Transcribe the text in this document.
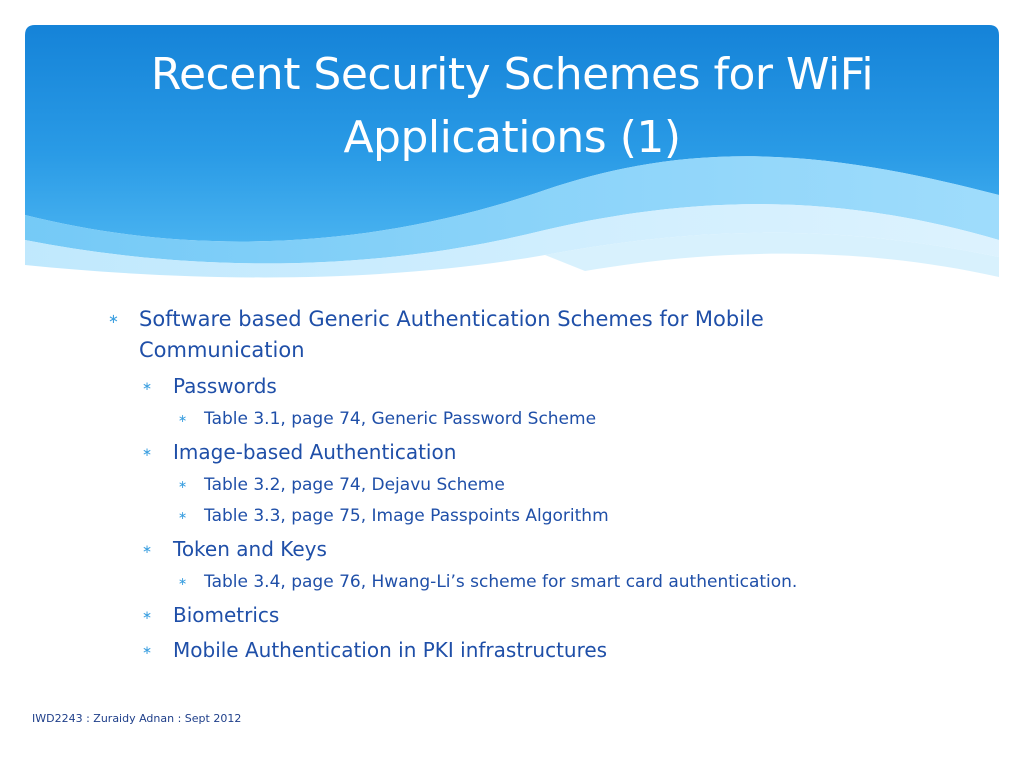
Recent Security Schemes for WiFi Applications (1)
∗ Software based Generic Authentication Schemes for Mobile Communication
∗ Passwords
∗ Table 3.1, page 74, Generic Password Scheme
∗ Image-based Authentication
∗ Table 3.2, page 74, Dejavu Scheme
∗ Table 3.3, page 75, Image Passpoints Algorithm
∗ Token and Keys
∗ Table 3.4, page 76, Hwang-Li’s scheme for smart card authentication.
∗ Biometrics
∗ Mobile Authentication in PKI infrastructures
IWD2243 : Zuraidy Adnan : Sept 2012
